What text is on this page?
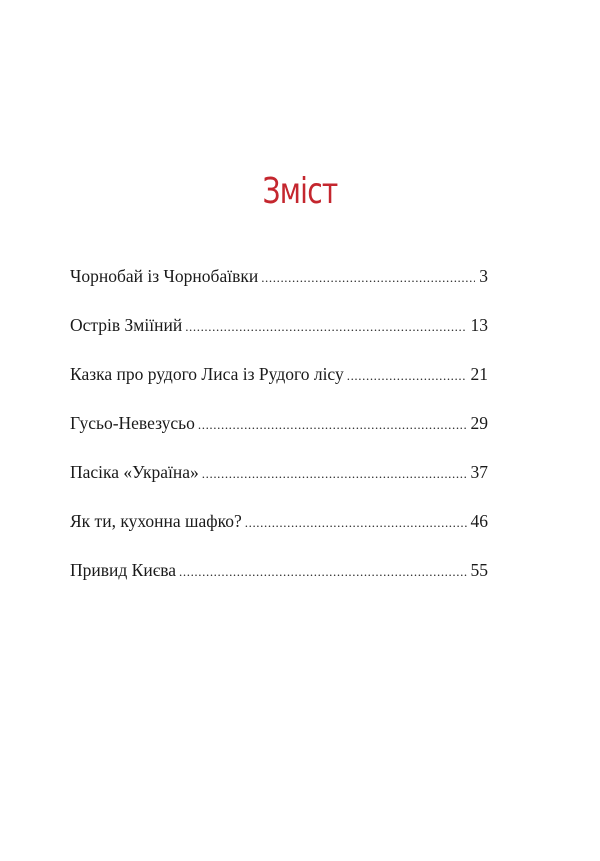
Зміст
Чорнобай із Чорнобаївки .....	3
Острів Зміїний .....	13
Казка про рудого Лиса із Рудого лісу .....	21
Гусьо-Невезусьо .....	29
Пасіка «Україна» .....	37
Як ти, кухонна шафко? .....	46
Привид Києва .....	55
